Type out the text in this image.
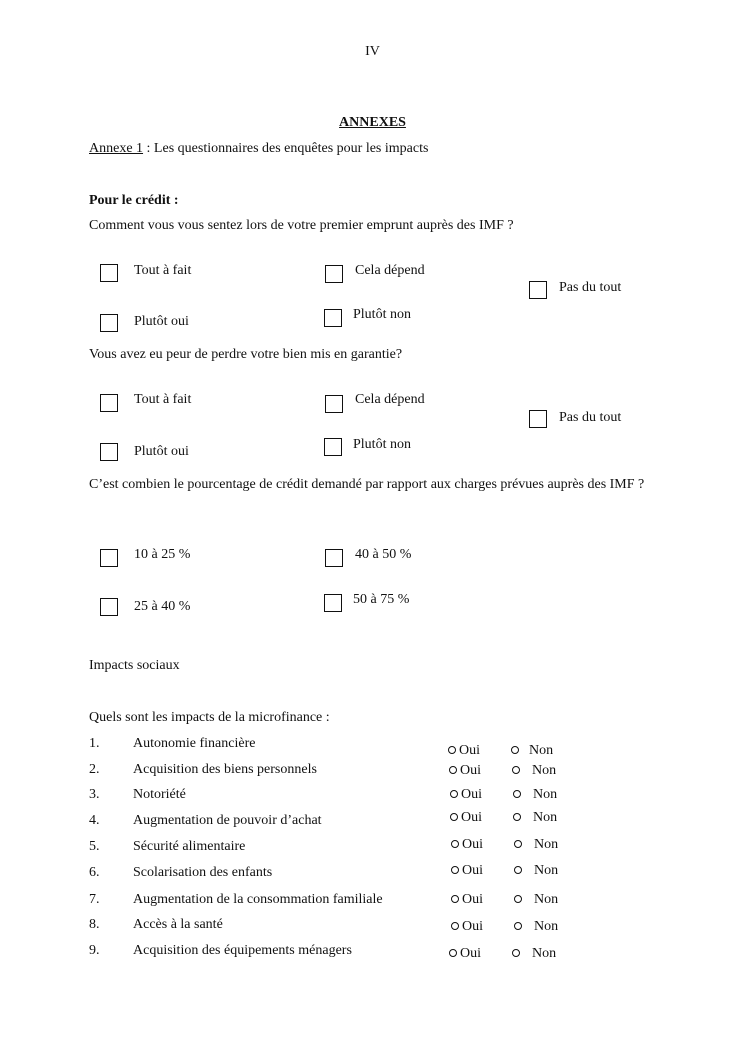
IV
ANNEXES
Annexe 1 : Les questionnaires des enquêtes pour les impacts
Pour le crédit :
Comment vous vous sentez lors de votre premier emprunt auprès des IMF ?
Tout à fait	Cela dépend
Pas du tout
Plutôt oui	Plutôt non
Vous avez eu peur de perdre votre bien mis en garantie?
Tout à fait	Cela dépend
Pas du tout
Plutôt oui	Plutôt non
C’est combien le pourcentage de crédit demandé par rapport aux charges prévues auprès des IMF ?
10 à 25 %	40 à 50 %
25 à 40 %	50 à 75 %
Impacts sociaux
Quels sont les impacts de la microfinance :
1. Autonomie financière	Oui	Non
2. Acquisition des biens personnels	Oui	Non
3. Notoriété	Oui	Non
4. Augmentation de pouvoir d’achat	Oui	Non
5. Sécurité alimentaire	Oui	Non
6. Scolarisation des enfants	Oui	Non
7. Augmentation de la consommation familiale	Oui	Non
8. Accès à la santé	Oui	Non
9. Acquisition des équipements ménagers	Oui	Non
